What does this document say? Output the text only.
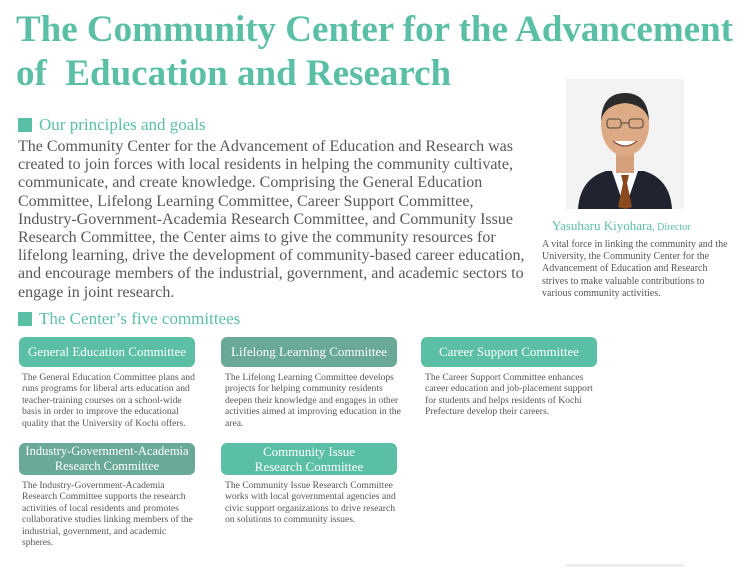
The Community Center for the Advancement
of  Education and Research
Our principles and goals

The Community Center for the Advancement of Education and Research was created to join forces with local residents in helping the community cultivate, communicate, and create knowledge. Comprising the General Education Committee, Lifelong Learning Committee, Career Support Committee, Industry-Government-Academia Research Committee, and Community Issue Research Committee, the Center aims to give the community resources for lifelong learning, drive the development of community-based career education, and encourage members of the industrial, government, and academic sectors to engage in joint research.

Yasuharu Kiyohara, Director

A vital force in linking the community and the University, the Community Center for the Advancement of Education and Research strives to make valuable contributions to various community activities.

The Center’s five committees
General Education Committee	Lifelong Learning Committee	Career Support Committee
Industry-Government-Academia Research Committee
Community Issue Research Committee

The General Education Committee plans and runs programs for liberal arts education and teacher-training courses on a school-wide basis in order to improve the educational quality that the University of Kochi offers.

The Lifelong Learning Committee develops projects for helping community residents deepen their knowledge and engages in other activities aimed at improving education in the area.

The Career Support Committee enhances career education and job-placement support for students and helps residents of Kochi Prefecture develop their careers.

The Industry-Government-Academia Research Committee supports the research activities of local residents and promotes collaborative studies linking members of the industrial, government, and academic spheres.

The Community Issue Research Committee works with local governmental agencies and civic support organizations to drive research on solutions to community issues.
